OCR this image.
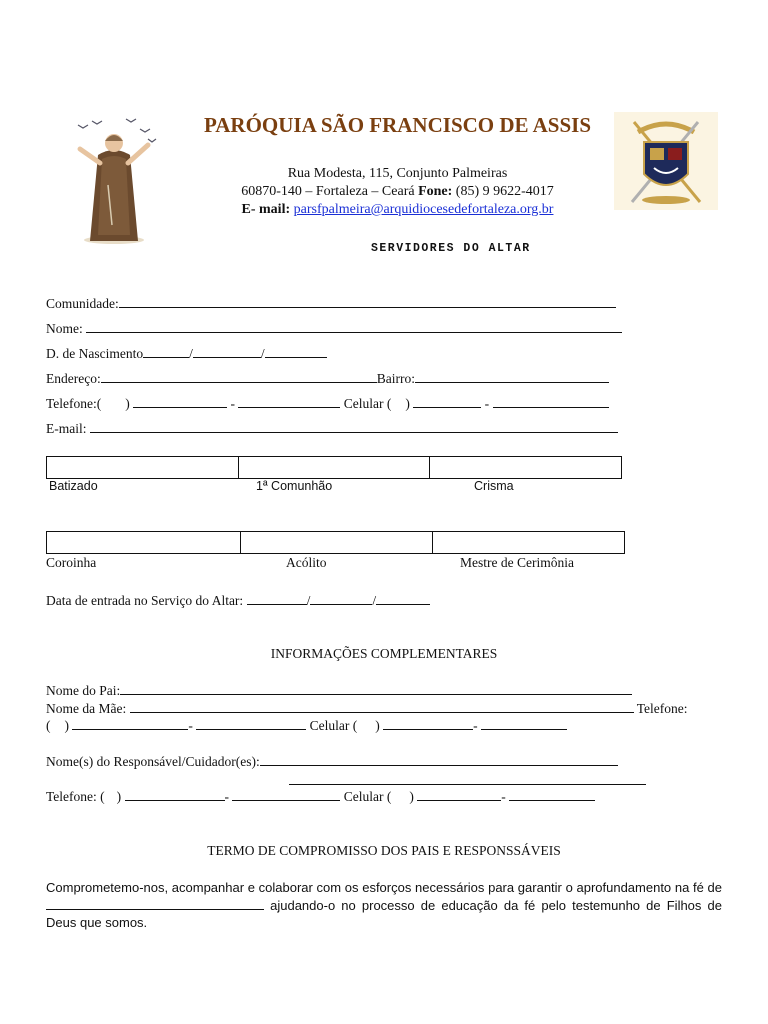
PARÓQUIA SÃO FRANCISCO DE ASSIS
Rua Modesta, 115, Conjunto Palmeiras
60870-140 – Fortaleza – Ceará Fone: (85) 9 9622-4017
E- mail: parsfpalmeira@arquidiocesedefortaleza.org.br
SERVIDORES DO ALTAR
Comunidade:
Nome:
D. de Nascimento	/	/
Endereço:	Bairro:
Telefone:( )	-	Celular ( )	-
E-mail:
Batizado	1ª Comunhão	Crisma
Coroinha	Acólito	Mestre de Cerimônia
Data de entrada no Serviço do Altar:	/	/
INFORMAÇÕES COMPLEMENTARES
Nome do Pai:
Nome da Mãe:	Telefone:
( )	-	Celular ( )	-
Nome(s) do Responsável/Cuidador(es):
Telefone: ( )	-	Celular ( )	-
TERMO DE COMPROMISSO DOS PAIS E RESPONSSÁVEIS
Comprometemo-nos, acompanhar e colaborar com os esforços necessários para garantir o aprofundamento na fé de  ajudando-o no processo de educação da fé pelo testemunho de Filhos de Deus que somos.
